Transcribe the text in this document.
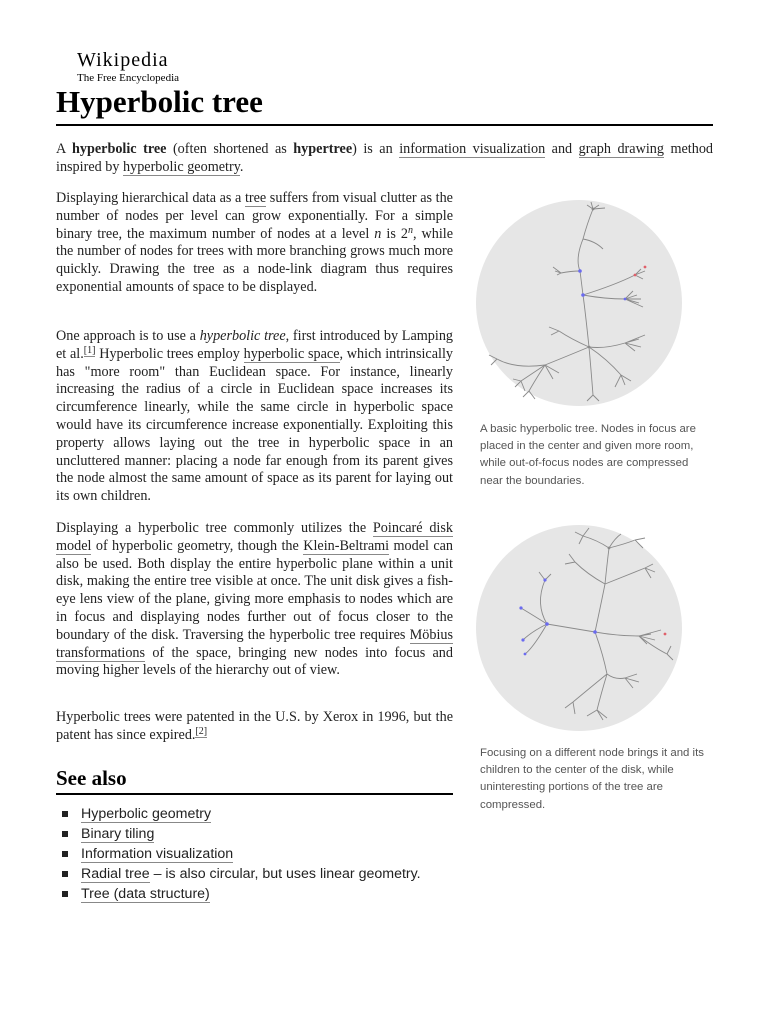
Wikipedia
The Free Encyclopedia
Hyperbolic tree

A hyperbolic tree (often shortened as hypertree) is an information visualization and graph drawing method inspired by hyperbolic geometry.

Displaying hierarchical data as a tree suffers from visual clutter as the number of nodes per level can grow exponentially. For a simple binary tree, the maximum number of nodes at a level n is 2$^n$, while the number of nodes for trees with more branching grows much more quickly. Drawing the tree as a node-link diagram thus requires exponential amounts of space to be displayed.

One approach is to use a hyperbolic tree, first introduced by Lamping et al.[1] Hyperbolic trees employ hyperbolic space, which intrinsically has "more room" than Euclidean space. For instance, linearly increasing the radius of a circle in Euclidean space increases its circumference linearly, while the same circle in hyperbolic space would have its circumference increase exponentially. Exploiting this property allows laying out the tree in hyperbolic space in an uncluttered manner: placing a node far enough from its parent gives the node almost the same amount of space as its parent for laying out its own children.

Displaying a hyperbolic tree commonly utilizes the Poincaré disk model of hyperbolic geometry, though the Klein-Beltrami model can also be used. Both display the entire hyperbolic plane within a unit disk, making the entire tree visible at once. The unit disk gives a fish-eye lens view of the plane, giving more emphasis to nodes which are in focus and displaying nodes further out of focus closer to the boundary of the disk. Traversing the hyperbolic tree requires Möbius transformations of the space, bringing new nodes into focus and moving higher levels of the hierarchy out of view.

Hyperbolic trees were patented in the U.S. by Xerox in 1996, but the patent has since expired.[2]

See also
Hyperbolic geometry
Binary tiling
Information visualization
Radial tree – is also circular, but uses linear geometry.
Tree (data structure)

A basic hyperbolic tree. Nodes in focus are placed in the center and given more room, while out-of-focus nodes are compressed near the boundaries.

Focusing on a different node brings it and its children to the center of the disk, while uninteresting portions of the tree are compressed.
